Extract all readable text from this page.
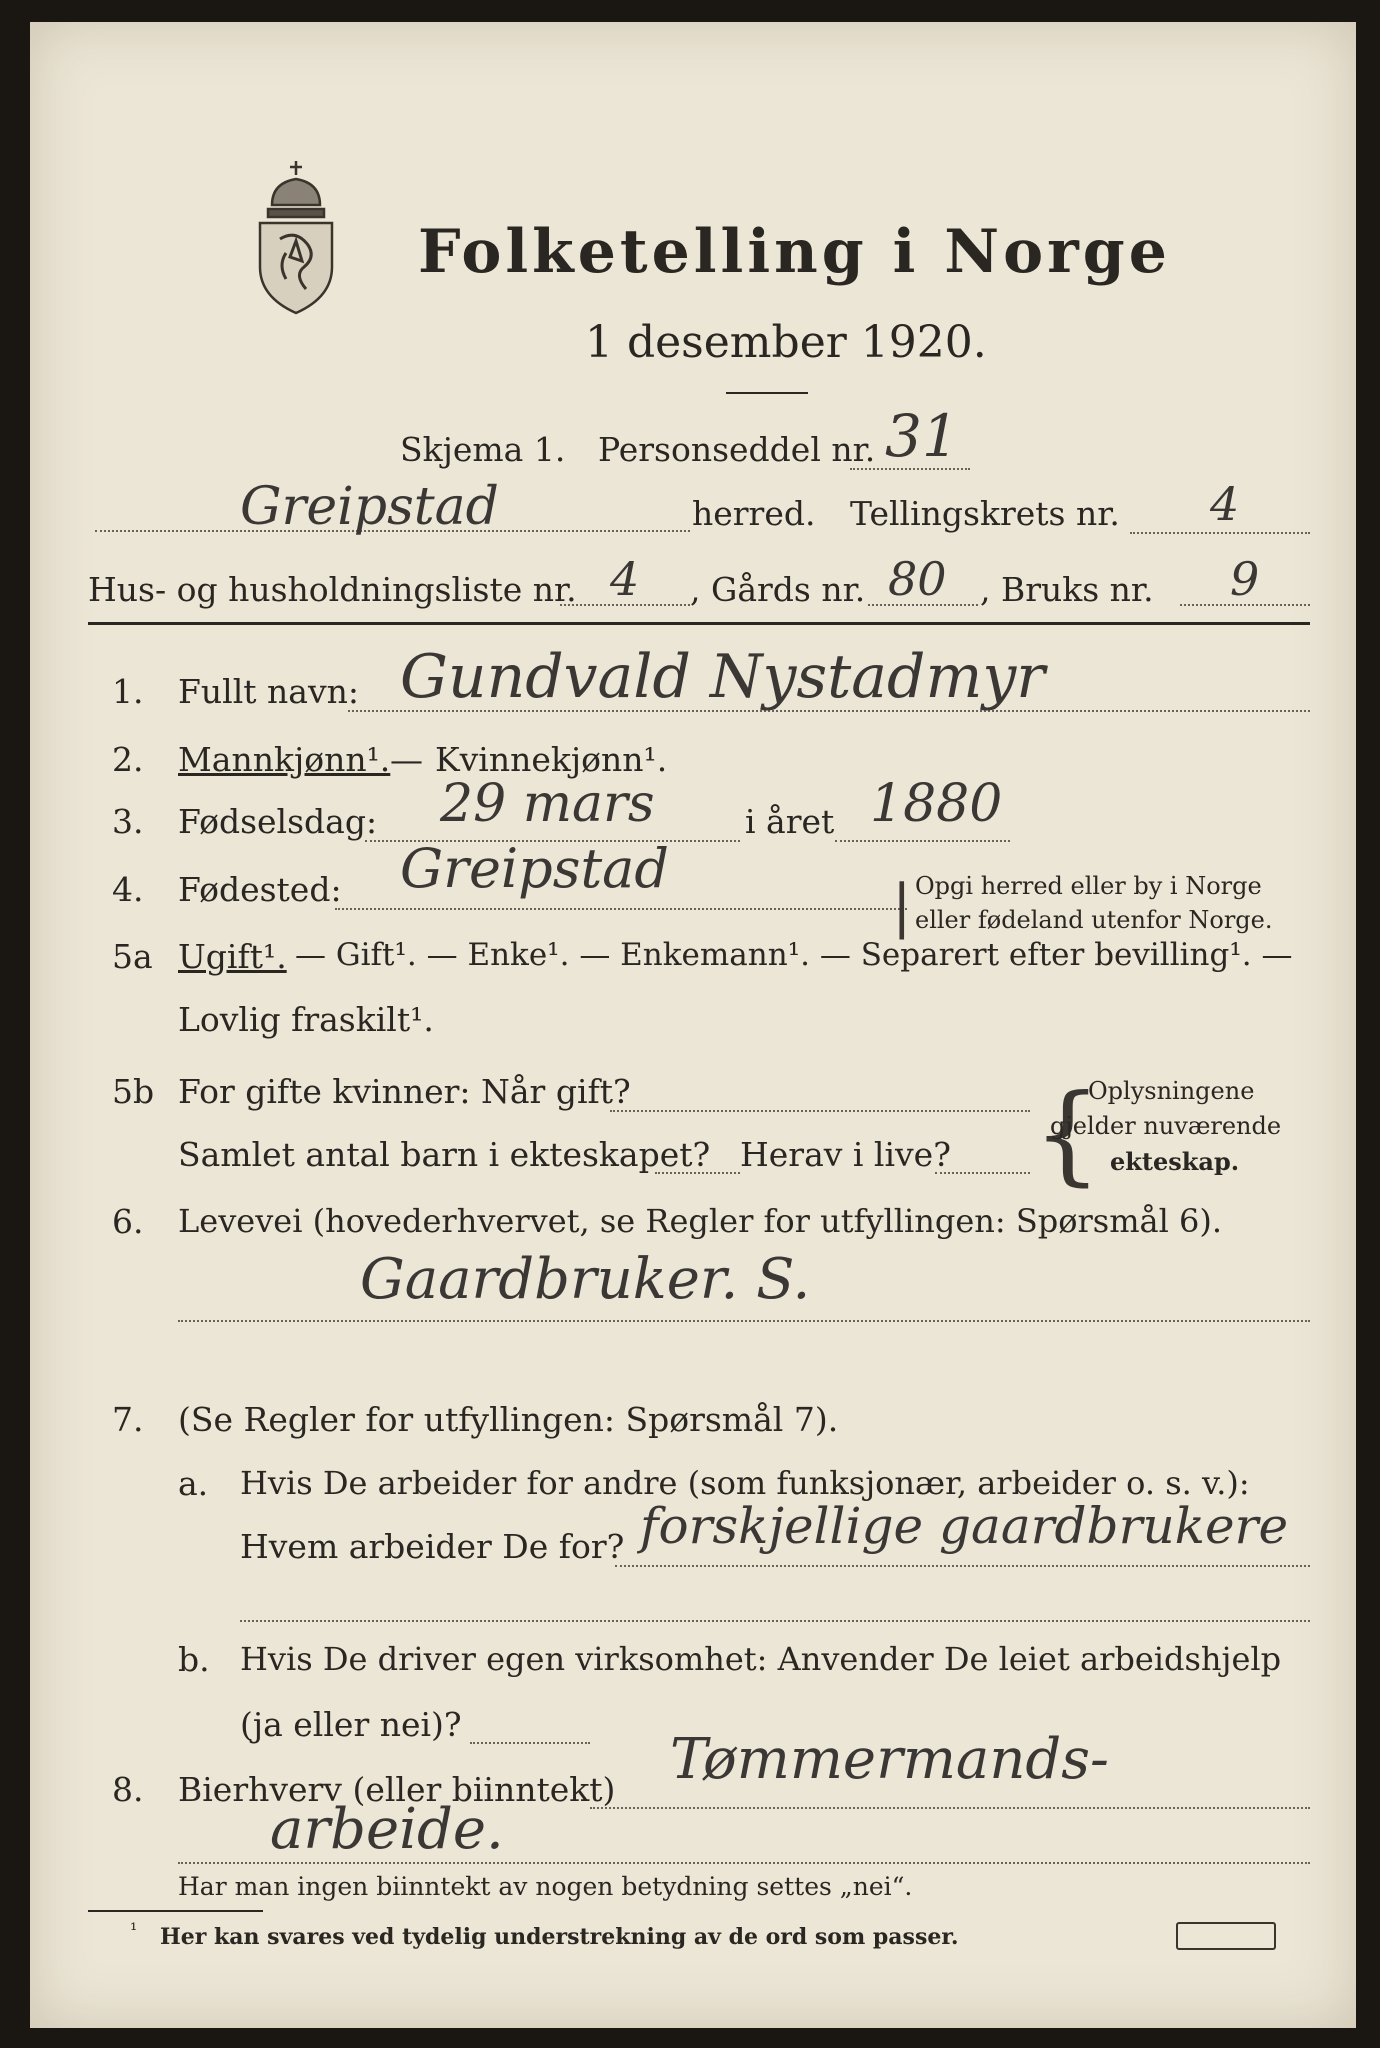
Folketelling i Norge
1 desember 1920.
Skjema 1. Personseddel nr. 31
Greipstad	herred. Tellingskrets nr. 4
Hus- og husholdningsliste nr. 4 , Gårds nr. 80 , Bruks nr. 9
1. Fullt navn: Gundvald Nystadmyr
2. Mannkjønn¹. — Kvinnekjønn¹.
3. Fødselsdag: 29 mars	i året 1880
4. Fødested: Greipstad
| Opgi herred eller by i Norge
eller fødeland utenfor Norge.
5a Ugift¹. — Gift¹. — Enke¹. — Enkemann¹. — Separert efter bevilling¹. —
Lovlig fraskilt¹.
5b For gifte kvinner: Når gift?
Samlet antal barn i ekteskapet? Herav i live? {
Oplysningene
gjelder nuværende
ekteskap.
6. Levevei (hovederhvervet, se Regler for utfyllingen: Spørsmål 6).
Gaardbruker. S.
7. (Se Regler for utfyllingen: Spørsmål 7).
a. Hvis De arbeider for andre (som funksjonær, arbeider o. s. v.):
Hvem arbeider De for? forskjellige gaardbrukere
b. Hvis De driver egen virksomhet: Anvender De leiet arbeidshjelp
(ja eller nei)?
8. Bierhverv (eller biinntekt) Tømmermands-
arbeide.
Har man ingen biinntekt av nogen betydning settes „nei“.
¹ Her kan svares ved tydelig understrekning av de ord som passer.
